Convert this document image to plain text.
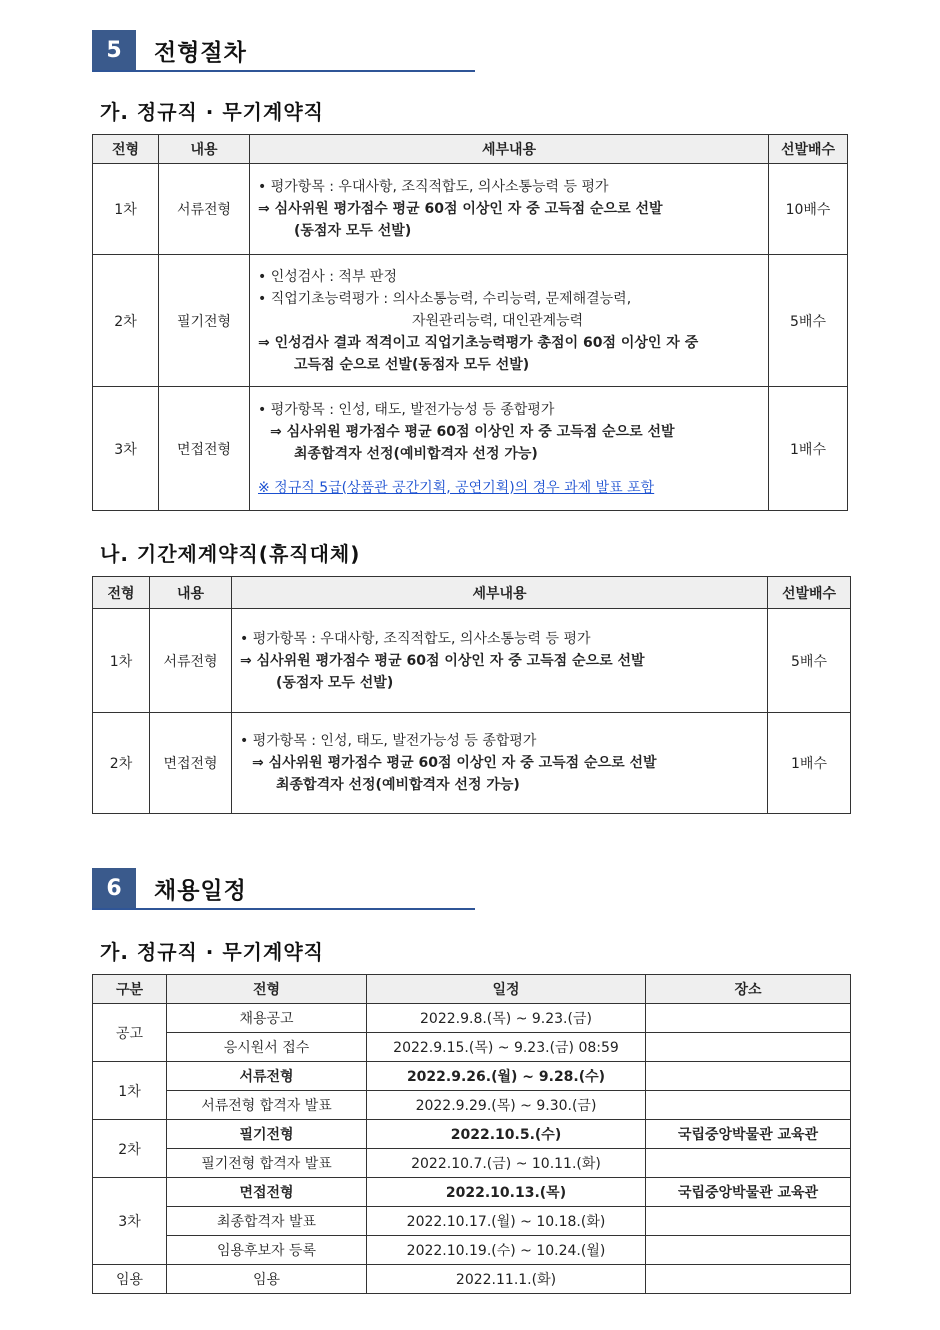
5	전형절차
가. 정규직 · 무기계약직
전형	내용	세부내용	선발배수
1차	서류전형	• 평가항목 : 우대사항, 조직적합도, 의사소통능력 등 평가
⇒ 심사위원 평가점수 평균 60점 이상인 자 중 고득점 순으로 선발
(동점자 모두 선발)	10배수
2차	필기전형	• 인성검사 : 적부 판정
• 직업기초능력평가 : 의사소통능력, 수리능력, 문제해결능력,
자원관리능력, 대인관계능력
⇒ 인성검사 결과 적격이고 직업기초능력평가 총점이 60점 이상인 자 중
고득점 순으로 선발(동점자 모두 선발)	5배수
3차	면접전형	• 평가항목 : 인성, 태도, 발전가능성 등 종합평가
⇒ 심사위원 평가점수 평균 60점 이상인 자 중 고득점 순으로 선발
최종합격자 선정(예비합격자 선정 가능)
※ 정규직 5급(상품관 공간기획, 공연기획)의 경우 과제 발표 포함	1배수
나. 기간제계약직(휴직대체)
전형	내용	세부내용	선발배수
1차	서류전형	• 평가항목 : 우대사항, 조직적합도, 의사소통능력 등 평가
⇒ 심사위원 평가점수 평균 60점 이상인 자 중 고득점 순으로 선발
(동점자 모두 선발)	5배수
2차	면접전형	• 평가항목 : 인성, 태도, 발전가능성 등 종합평가
⇒ 심사위원 평가점수 평균 60점 이상인 자 중 고득점 순으로 선발
최종합격자 선정(예비합격자 선정 가능)	1배수
6	채용일정
가. 정규직 · 무기계약직
구분	전형	일정	장소
공고	채용공고	2022.9.8.(목) ~ 9.23.(금)	
	응시원서 접수	2022.9.15.(목) ~ 9.23.(금) 08:59	
1차	서류전형	2022.9.26.(월) ~ 9.28.(수)	
	서류전형 합격자 발표	2022.9.29.(목) ~ 9.30.(금)	
2차	필기전형	2022.10.5.(수)	국립중앙박물관 교육관
	필기전형 합격자 발표	2022.10.7.(금) ~ 10.11.(화)	
3차	면접전형	2022.10.13.(목)	국립중앙박물관 교육관
	최종합격자 발표	2022.10.17.(월) ~ 10.18.(화)	
	임용후보자 등록	2022.10.19.(수) ~ 10.24.(월)	
임용	임용	2022.11.1.(화)	
